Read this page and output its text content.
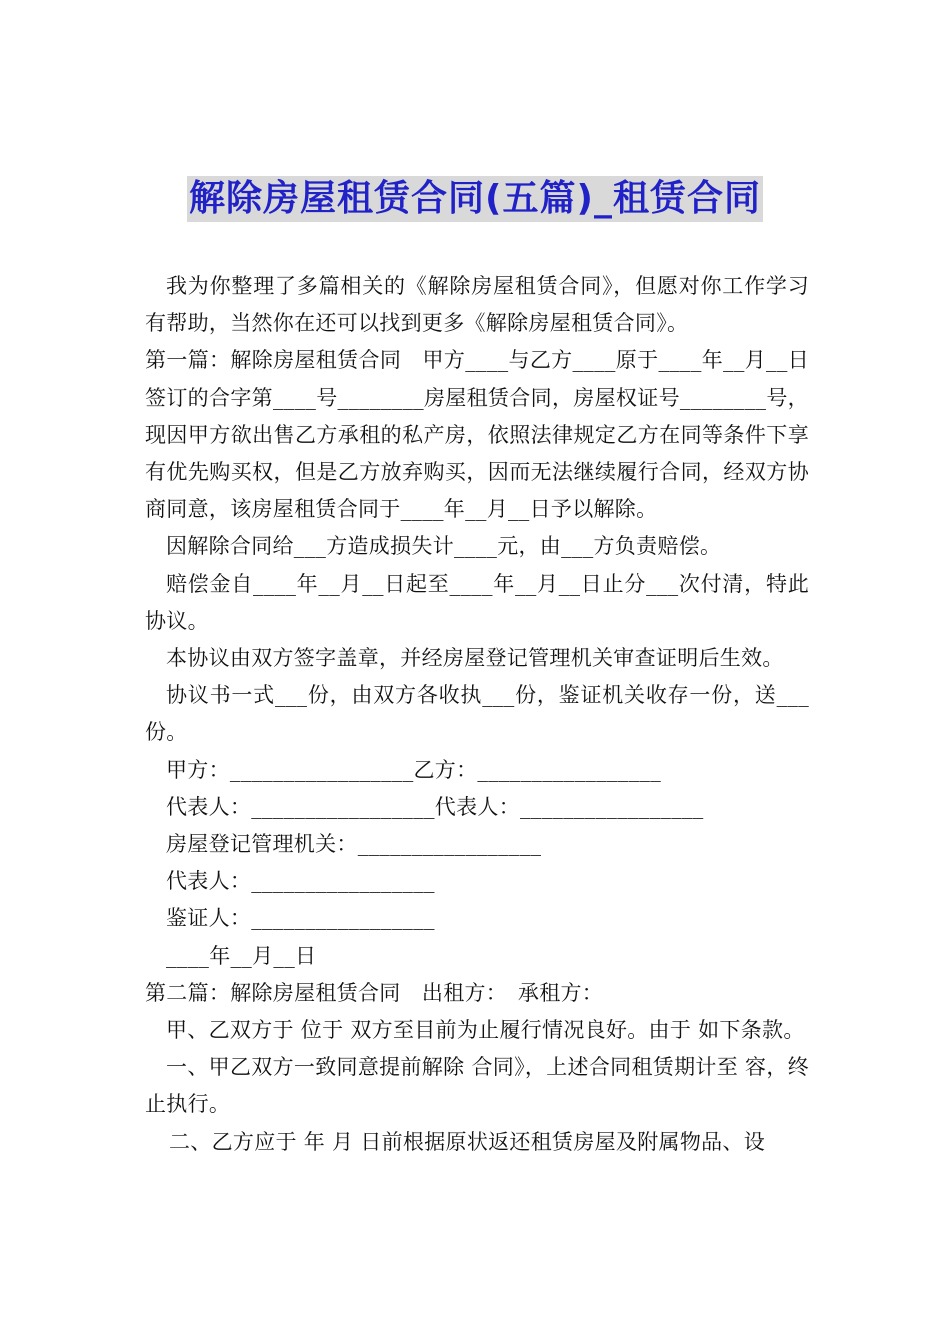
解除房屋租赁合同(五篇)_租赁合同

我为你整理了多篇相关的《解除房屋租赁合同》，但愿对你工作学习有帮助，当然你在还可以找到更多《解除房屋租赁合同》。

第一篇：解除房屋租赁合同　甲方____与乙方____原于____年__月__日签订的合字第____号________房屋租赁合同，房屋权证号________号，现因甲方欲出售乙方承租的私产房，依照法律规定乙方在同等条件下享有优先购买权，但是乙方放弃购买，因而无法继续履行合同，经双方协商同意，该房屋租赁合同于____年__月__日予以解除。

因解除合同给___方造成损失计____元，由___方负责赔偿。

赔偿金自____年__月__日起至____年__月__日止分___次付清，特此协议。

本协议由双方签字盖章，并经房屋登记管理机关审查证明后生效。

协议书一式___份，由双方各收执___份，鉴证机关收存一份，送___份。

甲方：_________________乙方：_________________

代表人：_________________代表人：_________________

房屋登记管理机关：_________________

代表人：_________________

鉴证人：_________________

____年__月__日

第二篇：解除房屋租赁合同　出租方：　承租方：

甲、乙双方于 位于 双方至目前为止履行情况良好。由于 如下条款。

一、甲乙双方一致同意提前解除 合同》，上述合同租赁期计至 容，终止执行。

二、乙方应于 年 月 日前根据原状返还租赁房屋及附属物品、设
